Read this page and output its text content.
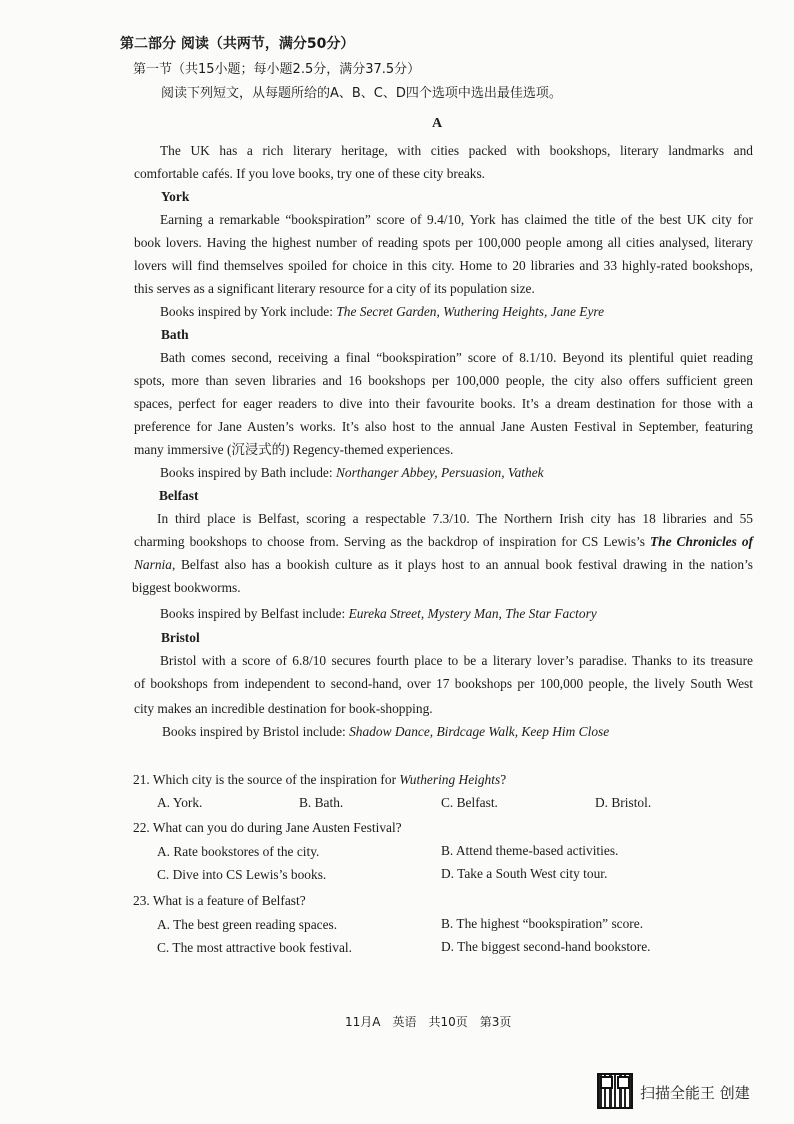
第二部分 阅读（共两节，满分50分）
第一节（共15小题；每小题2.5分，满分37.5分）
阅读下列短文，从每题所给的A、B、C、D四个选项中选出最佳选项。
A
The UK has a rich literary heritage, with cities packed with bookshops, literary landmarks and
comfortable cafés. If you love books, try one of these city breaks.
York
Earning a remarkable “bookspiration” score of 9.4/10, York has claimed the title of the best UK city for
book lovers. Having the highest number of reading spots per 100,000 people among all cities analysed, literary
lovers will find themselves spoiled for choice in this city. Home to 20 libraries and 33 highly-rated bookshops,
this serves as a significant literary resource for a city of its population size.
Books inspired by York include: The Secret Garden, Wuthering Heights, Jane Eyre
Bath
Bath comes second, receiving a final “bookspiration” score of 8.1/10. Beyond its plentiful quiet reading
spots, more than seven libraries and 16 bookshops per 100,000 people, the city also offers sufficient green
spaces, perfect for eager readers to dive into their favourite books. It’s a dream destination for those with a
preference for Jane Austen’s works. It’s also host to the annual Jane Austen Festival in September, featuring
many immersive (沉浸式的) Regency-themed experiences.
Books inspired by Bath include: Northanger Abbey, Persuasion, Vathek
Belfast
In third place is Belfast, scoring a respectable 7.3/10. The Northern Irish city has 18 libraries and 55
charming bookshops to choose from. Serving as the backdrop of inspiration for CS Lewis’s The Chronicles of
Narnia, Belfast also has a bookish culture as it plays host to an annual book festival drawing in the nation’s
biggest bookworms.
Books inspired by Belfast include: Eureka Street, Mystery Man, The Star Factory
Bristol
Bristol with a score of 6.8/10 secures fourth place to be a literary lover’s paradise. Thanks to its treasure
of bookshops from independent to second-hand, over 17 bookshops per 100,000 people, the lively South West
city makes an incredible destination for book-shopping.
Books inspired by Bristol include: Shadow Dance, Birdcage Walk, Keep Him Close
21. Which city is the source of the inspiration for Wuthering Heights?
A. York.	B. Bath.	C. Belfast.	D. Bristol.
22. What can you do during Jane Austen Festival?
A. Rate bookstores of the city.	B. Attend theme-based activities.
C. Dive into CS Lewis’s books.	D. Take a South West city tour.
23. What is a feature of Belfast?
A. The best green reading spaces.	B. The highest “bookspiration” score.
C. The most attractive book festival.	D. The biggest second-hand bookstore.
11月A　英语　共10页　第3页
扫描全能王 创建
